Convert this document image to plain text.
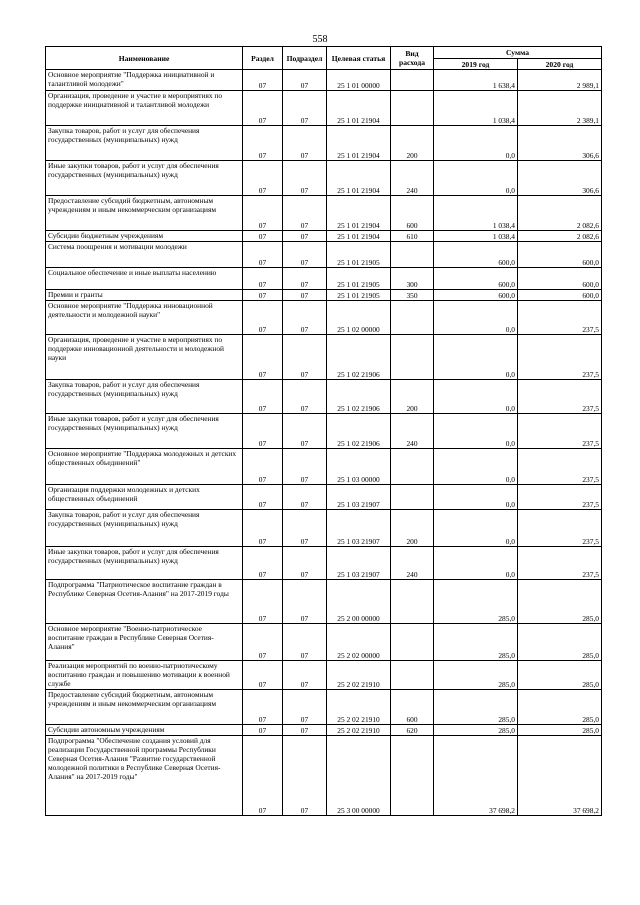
558
Наименование	Раздел	Подраздел	Целевая статья	Вид расхода	Сумма	
					2019 год	2020 год
Основное мероприятие "Поддержка инициативной и талантливой молодежи"	07	07	25 1 01 00000		1 638,4	2 989,1
Организация, проведение и участие в мероприятиях по поддержке инициативной и талантливой молодежи	07	07	25 1 01 21904		1 038,4	2 389,1
Закупка товаров, работ и услуг для обеспечения государственных (муниципальных) нужд	07	07	25 1 01 21904	200	0,0	306,6
Иные закупки товаров, работ и услуг для обеспечения государственных (муниципальных) нужд	07	07	25 1 01 21904	240	0,0	306,6
Предоставление субсидий бюджетным, автономным учреждениям и иным некоммерческим организациям	07	07	25 1 01 21904	600	1 038,4	2 082,6
Субсидии бюджетным учреждениям	07	07	25 1 01 21904	610	1 038,4	2 082,6
Система поощрения и мотивации молодежи	07	07	25 1 01 21905		600,0	600,0
Социальное обеспечение и иные выплаты населению	07	07	25 1 01 21905	300	600,0	600,0
Премии и гранты	07	07	25 1 01 21905	350	600,0	600,0
Основное мероприятие "Поддержка инновационной деятельности и молодежной науки"	07	07	25 1 02 00000		0,0	237,5
Организация, проведение и участие в мероприятиях по поддержке инновационной деятельности и молодежной науки	07	07	25 1 02 21906		0,0	237,5
Закупка товаров, работ и услуг для обеспечения государственных (муниципальных) нужд	07	07	25 1 02 21906	200	0,0	237,5
Иные закупки товаров, работ и услуг для обеспечения государственных (муниципальных) нужд	07	07	25 1 02 21906	240	0,0	237,5
Основное мероприятие "Поддержка молодежных и детских общественных объединений"	07	07	25 1 03 00000		0,0	237,5
Организация поддержки молодежных и детских общественных объединений	07	07	25 1 03 21907		0,0	237,5
Закупка товаров, работ и услуг для обеспечения государственных (муниципальных) нужд	07	07	25 1 03 21907	200	0,0	237,5
Иные закупки товаров, работ и услуг для обеспечения государственных (муниципальных) нужд	07	07	25 1 03 21907	240	0,0	237,5
Подпрограмма "Патриотическое воспитание граждан в Республике Северная Осетия-Алания" на 2017-2019 годы	07	07	25 2 00 00000		285,0	285,0
Основное мероприятие "Военно-патриотическое воспитание граждан в Республике Северная Осетия- Алания"	07	07	25 2 02 00000		285,0	285,0
Реализация мероприятий по военно-патриотическому воспитанию граждан и повышению мотивации к военной службе	07	07	25 2 02 21910		285,0	285,0
Предоставление субсидий бюджетным, автономным учреждениям и иным некоммерческим организациям	07	07	25 2 02 21910	600	285,0	285,0
Субсидии автономным учреждениям	07	07	25 2 02 21910	620	285,0	285,0
Подпрограмма "Обеспечение создания условий для реализации Государственной программы Республики Северная Осетия-Алания "Развитие государственной молодежной политики в Республике Северная Осетия-Алания" на 2017-2019 годы"	07	07	25 3 00 00000		37 698,2	37 698,2
